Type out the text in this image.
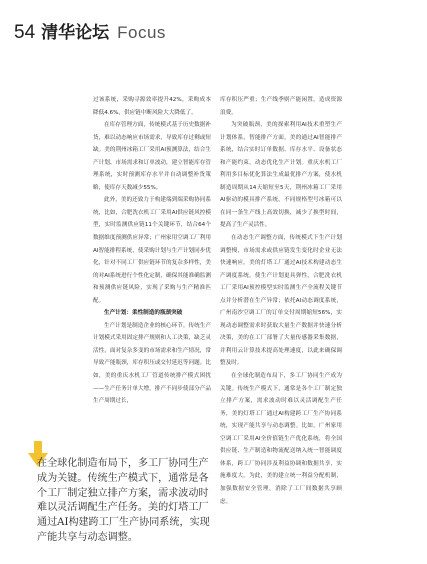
54 清华论坛 Focus

过该系统，采购寻源效率提升42%，采购成本降低4.6%，供应链中断风险大大降低了。

在库存管理方面，传统模式基于历史数据补货，难以动态响应市场需求，导致库存过剩或短缺。美的荆州冰箱工厂采用AI预测算法，结合生产计划、市场需求和订单波动，建立智能库存管理系统，实时预测库存水平并自动调整补货策略，使库存天数减少55%。

此外，美的还致力于构建端到端采购协同系统，比如，合肥洗衣机工厂采用AI供应链风控模型，实时监测供应链11个关键环节，结合64个数据维度预测供应异常；广州家用空调工厂利用AI智能排程系统，使采购计划与生产计划同步优化，针对不同工厂供应链环节的复杂多样性，美的对AI系统进行个性化定制，确保其能准确监测和预测供应链风险，实现了采购与生产精准匹配。

生产计划：柔性制造的瓶颈突破

生产计划是制造企业的核心环节。传统生产计划模式采用固定排产规则和人工决策，缺乏灵活性，面对复杂多变的市场需求和生产情况，常导致产能瓶颈，库存积压或交付延迟等问题。比如，美的重庆水机工厂管道传统排产模式困扰——生产任务计单大增，排产不同步使部分产品生产周期过长，

库存积压严重；生产线季则产能闲置，造成资源浪费。

为突破瓶颈，美的探索利用AI技术重塑生产计划体系，智能排产方面，美的通过AI智能排产系统，结合实时订单数据、库存水平、设备状态和产能约束，动态优化生产计划。重庆水机工厂利用多目标优化算法生成最优排产方案，使水机制造周期从14天缩短至5天，荆州冰箱工厂采用AI驱动的模具排产系统，不同规格型号冰箱可以在同一条生产线上高效切换，减少了换型时间，提高了生产灵活性。

在动态生产调整方面，传统模式下生产计划调整慢，市场需求或供应链发生变化时企业无法快速响应。美的灯塔工厂通过AI技术构建动态生产调度系统，使生产计划更具弹性，合肥洗衣机工厂采用AI预控模型实时监测生产全流程关键节点并分析潜在生产异常；依托AI动态调度系统，广州南沙空调工厂的订单交付周期缩短56%，实现动态调整需求时获取大量生产数据并快速分析决策，美的在工厂部署了大量传感器采集数据，并利用云计算技术提高处理速度，以此来确保调整及时。

在全球化制造布局下，多工厂协同生产成为关键。传统生产模式下，通常是各个工厂制定独立排产方案，需求波动时难以灵活调配生产任务，美的灯塔工厂通过AI构建跨工厂生产协同系统，实现产能共享与动态调整。比如，广州家用空调工厂采用AI全价值链生产优化系统，将全国供应链、生产制造和物流配送纳入统一智能调度体系，跨工厂协同涉及利益协调和数据共享，实施难度大。为此，美的建立统一利益分配机制，加强数据安全管理，消除了工厂间数据共享顾虑。

在全球化制造布局下，多工厂协同生产成为关键。传统生产模式下，通常是各个工厂制定独立排产方案，需求波动时难以灵活调配生产任务。美的灯塔工厂通过AI构建跨工厂生产协同系统，实现产能共享与动态调整。
